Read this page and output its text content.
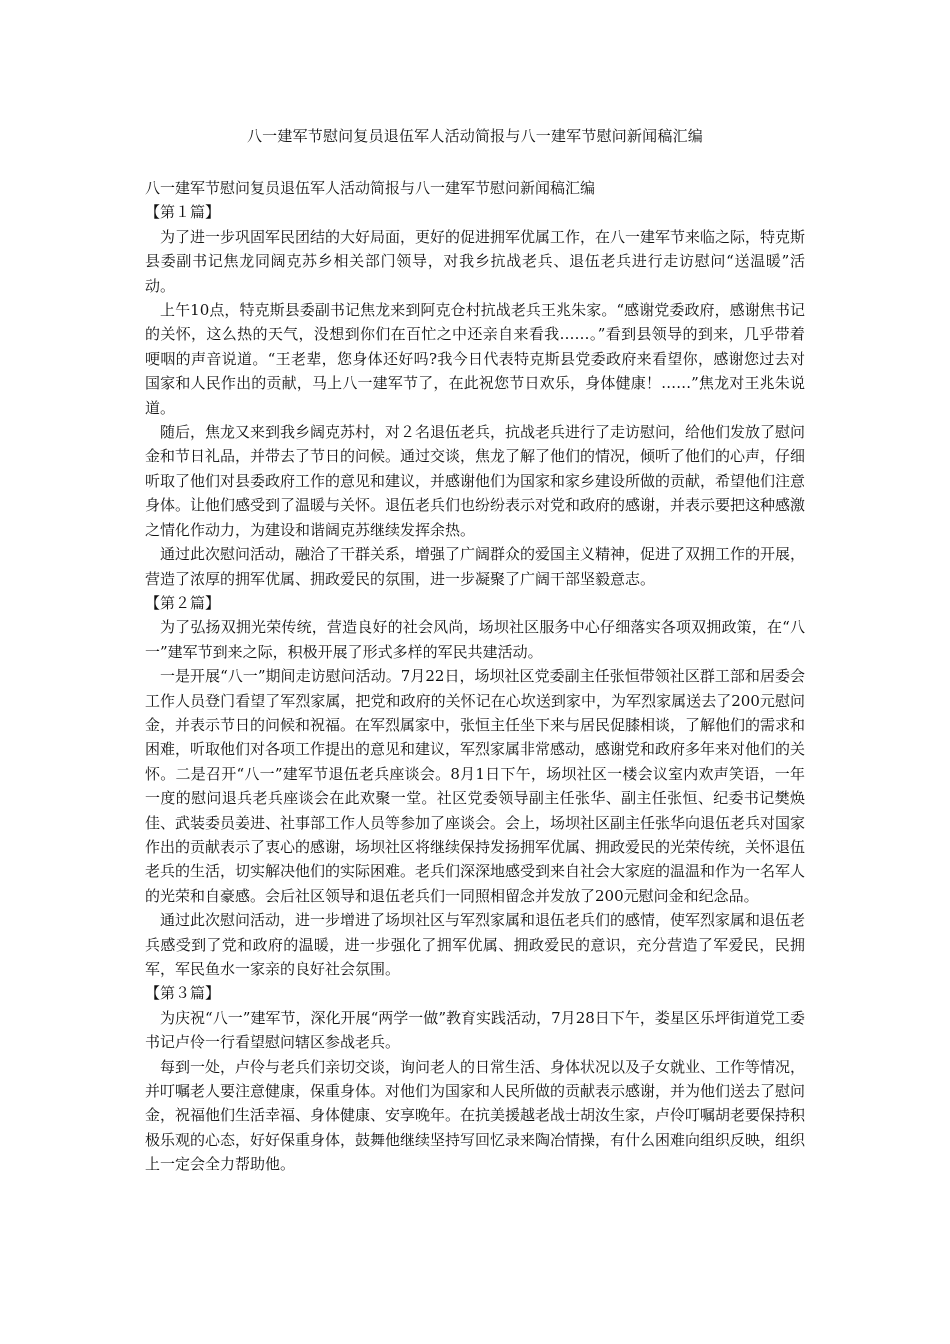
八一建军节慰问复员退伍军人活动简报与八一建军节慰问新闻稿汇编

八一建军节慰问复员退伍军人活动简报与八一建军节慰问新闻稿汇编

【第１篇】

为了进一步巩固军民团结的大好局面，更好的促进拥军优属工作，在八一建军节来临之际，特克斯县委副书记焦龙同阔克苏乡相关部门领导，对我乡抗战老兵、退伍老兵进行走访慰问“送温暖”活动。

上午10点，特克斯县委副书记焦龙来到阿克仓村抗战老兵王兆朱家。“感谢党委政府，感谢焦书记的关怀，这么热的天气，没想到你们在百忙之中还亲自来看我……。”看到县领导的到来，几乎带着哽咽的声音说道。“王老辈，您身体还好吗?我今日代表特克斯县党委政府来看望你，感谢您过去对国家和人民作出的贡献，马上八一建军节了，在此祝您节日欢乐，身体健康！……”焦龙对王兆朱说道。

随后，焦龙又来到我乡阔克苏村，对２名退伍老兵，抗战老兵进行了走访慰问，给他们发放了慰问金和节日礼品，并带去了节日的问候。通过交谈，焦龙了解了他们的情况，倾听了他们的心声，仔细听取了他们对县委政府工作的意见和建议，并感谢他们为国家和家乡建设所做的贡献，希望他们注意身体。让他们感受到了温暖与关怀。退伍老兵们也纷纷表示对党和政府的感谢，并表示要把这种感激之情化作动力，为建设和谐阔克苏继续发挥余热。

通过此次慰问活动，融洽了干群关系，增强了广阔群众的爱国主义精神，促进了双拥工作的开展，营造了浓厚的拥军优属、拥政爱民的氛围，进一步凝聚了广阔干部坚毅意志。

【第２篇】

为了弘扬双拥光荣传统，营造良好的社会风尚，场坝社区服务中心仔细落实各项双拥政策，在“八一”建军节到来之际，积极开展了形式多样的军民共建活动。

一是开展“八一”期间走访慰问活动。7月22日，场坝社区党委副主任张恒带领社区群工部和居委会工作人员登门看望了军烈家属，把党和政府的关怀记在心坎送到家中，为军烈家属送去了200元慰问金，并表示节日的问候和祝福。在军烈属家中，张恒主任坐下来与居民促膝相谈，了解他们的需求和困难，听取他们对各项工作提出的意见和建议，军烈家属非常感动，感谢党和政府多年来对他们的关怀。二是召开“八一”建军节退伍老兵座谈会。8月1日下午，场坝社区一楼会议室内欢声笑语，一年一度的慰问退兵老兵座谈会在此欢聚一堂。社区党委领导副主任张华、副主任张恒、纪委书记樊焕佳、武装委员姜进、社事部工作人员等参加了座谈会。会上，场坝社区副主任张华向退伍老兵对国家作出的贡献表示了衷心的感谢，场坝社区将继续保持发扬拥军优属、拥政爱民的光荣传统，关怀退伍老兵的生活，切实解决他们的实际困难。老兵们深深地感受到来自社会大家庭的温温和作为一名军人的光荣和自豪感。会后社区领导和退伍老兵们一同照相留念并发放了200元慰问金和纪念品。

通过此次慰问活动，进一步增进了场坝社区与军烈家属和退伍老兵们的感情，使军烈家属和退伍老兵感受到了党和政府的温暖，进一步强化了拥军优属、拥政爱民的意识，充分营造了军爱民，民拥军，军民鱼水一家亲的良好社会氛围。

【第３篇】

为庆祝“八一”建军节，深化开展“两学一做”教育实践活动，7月28日下午，娄星区乐坪街道党工委书记卢伶一行看望慰问辖区参战老兵。

每到一处，卢伶与老兵们亲切交谈，询问老人的日常生活、身体状况以及子女就业、工作等情况，并叮嘱老人要注意健康，保重身体。对他们为国家和人民所做的贡献表示感谢，并为他们送去了慰问金，祝福他们生活幸福、身体健康、安享晚年。在抗美援越老战士胡汝生家，卢伶叮嘱胡老要保持积极乐观的心态，好好保重身体，鼓舞他继续坚持写回忆录来陶冶情操，有什么困难向组织反映，组织上一定会全力帮助他。
